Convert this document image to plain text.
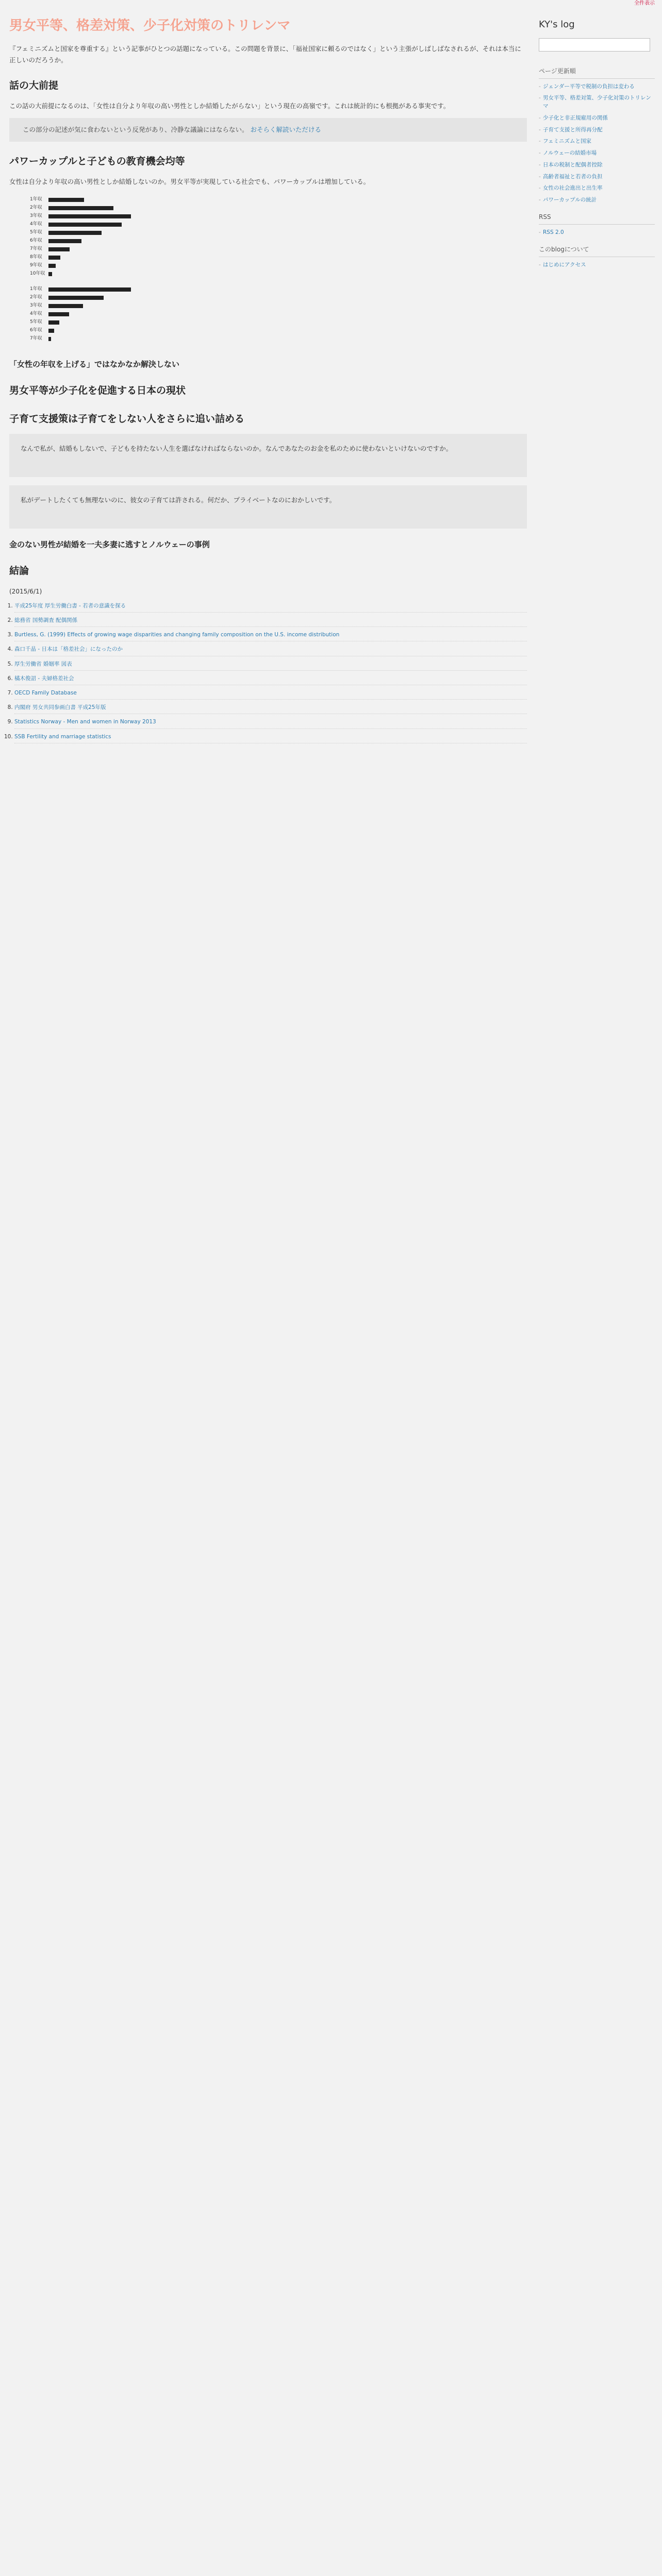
全件表示
男女平等、格差対策、少子化対策のトリレンマ

『フェミニズムと国家を尊重する』という記事がひとつの話題になっている。この問題を背景に、「福祉国家に頼るのではなく」という主張がしばしばなされるが、それは本当に正しいのだろうか。

話の大前提

この話の大前提になるのは、「女性は自分より年収の高い男性としか結婚したがらない」という現在の高嶺です。これは統計的にも根拠がある事実です。

この部分の記述が気に食わないという反発があり、冷静な議論にはならない。 おそらく解読いただける
パワーカップルと子どもの教育機会均等

女性は自分より年収の高い男性としか結婚しないのか。男女平等が実現している社会でも、パワーカップルは増加している。

1年収
2年収
3年収
4年収
5年収
6年収
7年収
8年収
9年収
10年収
1年収
2年収
3年収
4年収
5年収
6年収
7年収
「女性の年収を上げる」ではなかなか解決しない
男女平等が少子化を促進する日本の現状
子育て支援策は子育てをしない人をさらに追い詰める
なんで私が、結婚もしないで、子どもを持たない人生を選ばなければならないのか。なんであなたのお金を私のために使わないといけないのですか。
私がデートしたくても無理ないのに、彼女の子育ては許される。何だか、プライベートなのにおかしいです。
金のない男性が結婚を一夫多妻に逃すとノルウェーの事例
結論
(2015/6/1)
1. 平成25年度 厚生労働白書 - 若者の意識を探る
2. 総務省 国勢調査 配偶関係
3. Burtless, G. (1999) Effects of growing wage disparities and changing family composition on the U.S. income distribution
4. 森口千晶 - 日本は「格差社会」になったのか
5. 厚生労働省 婚姻率 図表
6. 橘木俊詔 - 夫婦格差社会
7. OECD Family Database
8. 内閣府 男女共同参画白書 平成25年版
9. Statistics Norway - Men and women in Norway 2013
10. SSB Fertility and marriage statistics
KY's log
ページ更新順
- ジェンダー平等で税制の負担は変わる
- 男女平等、格差対策、少子化対策のトリレンマ
- 少子化と非正規雇用の関係
- 子育て支援と所得再分配
- フェミニズムと国家
- ノルウェーの結婚市場
- 日本の税制と配偶者控除
- 高齢者福祉と若者の負担
- 女性の社会進出と出生率
- パワーカップルの統計
RSS
- RSS 2.0
このblogについて
- はじめにアクセス
